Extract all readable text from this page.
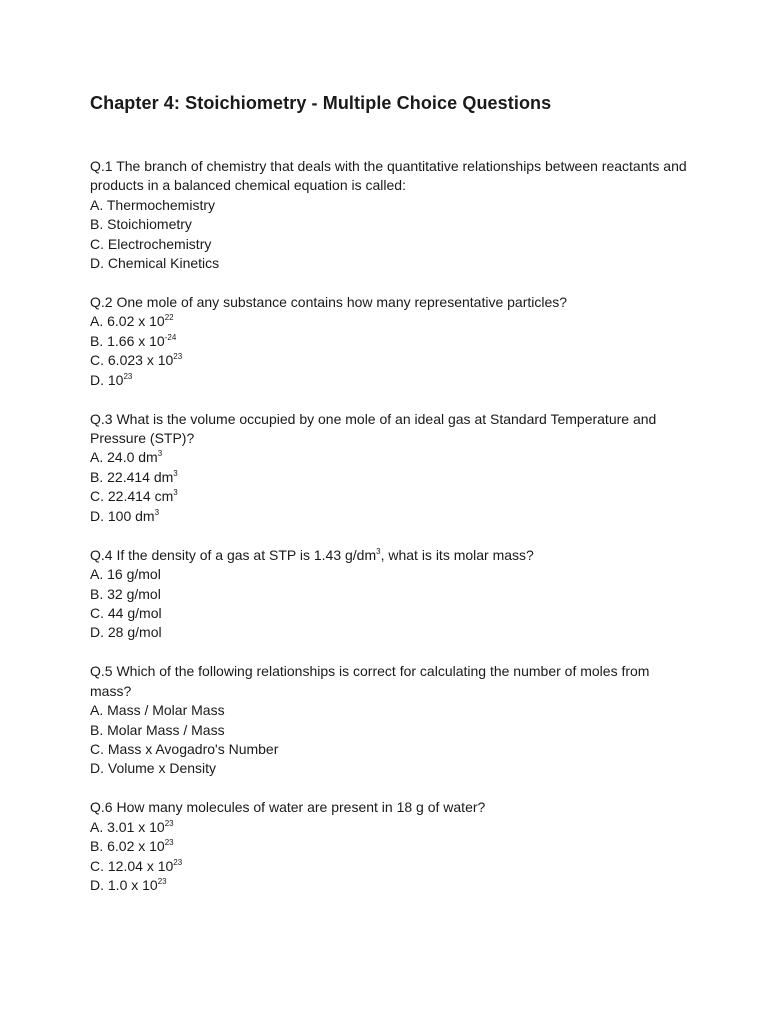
Chapter 4: Stoichiometry - Multiple Choice Questions

Q.1 The branch of chemistry that deals with the quantitative relationships between reactants and products in a balanced chemical equation is called:

A. Thermochemistry

B. Stoichiometry

C. Electrochemistry

D. Chemical Kinetics

Q.2 One mole of any substance contains how many representative particles?

A. 6.02 x $10^{22}$

B. 1.66 x $10^{-24}$

C. 6.023 x $10^{23}$

D. $10^{23}$

Q.3 What is the volume occupied by one mole of an ideal gas at Standard Temperature and Pressure (STP)?

A. 24.0 $dm^3$

B. 22.414 $dm^3$

C. 22.414 $cm^3$

D. 100 $dm^3$

Q.4 If the density of a gas at STP is 1.43 $g/dm^3$, what is its molar mass?

A. 16 g/mol

B. 32 g/mol

C. 44 g/mol

D. 28 g/mol

Q.5 Which of the following relationships is correct for calculating the number of moles from mass?

A. Mass / Molar Mass

B. Molar Mass / Mass

C. Mass x Avogadro's Number

D. Volume x Density

Q.6 How many molecules of water are present in 18 g of water?

A. 3.01 x $10^{23}$

B. 6.02 x $10^{23}$

C. 12.04 x $10^{23}$

D. 1.0 x $10^{23}$
